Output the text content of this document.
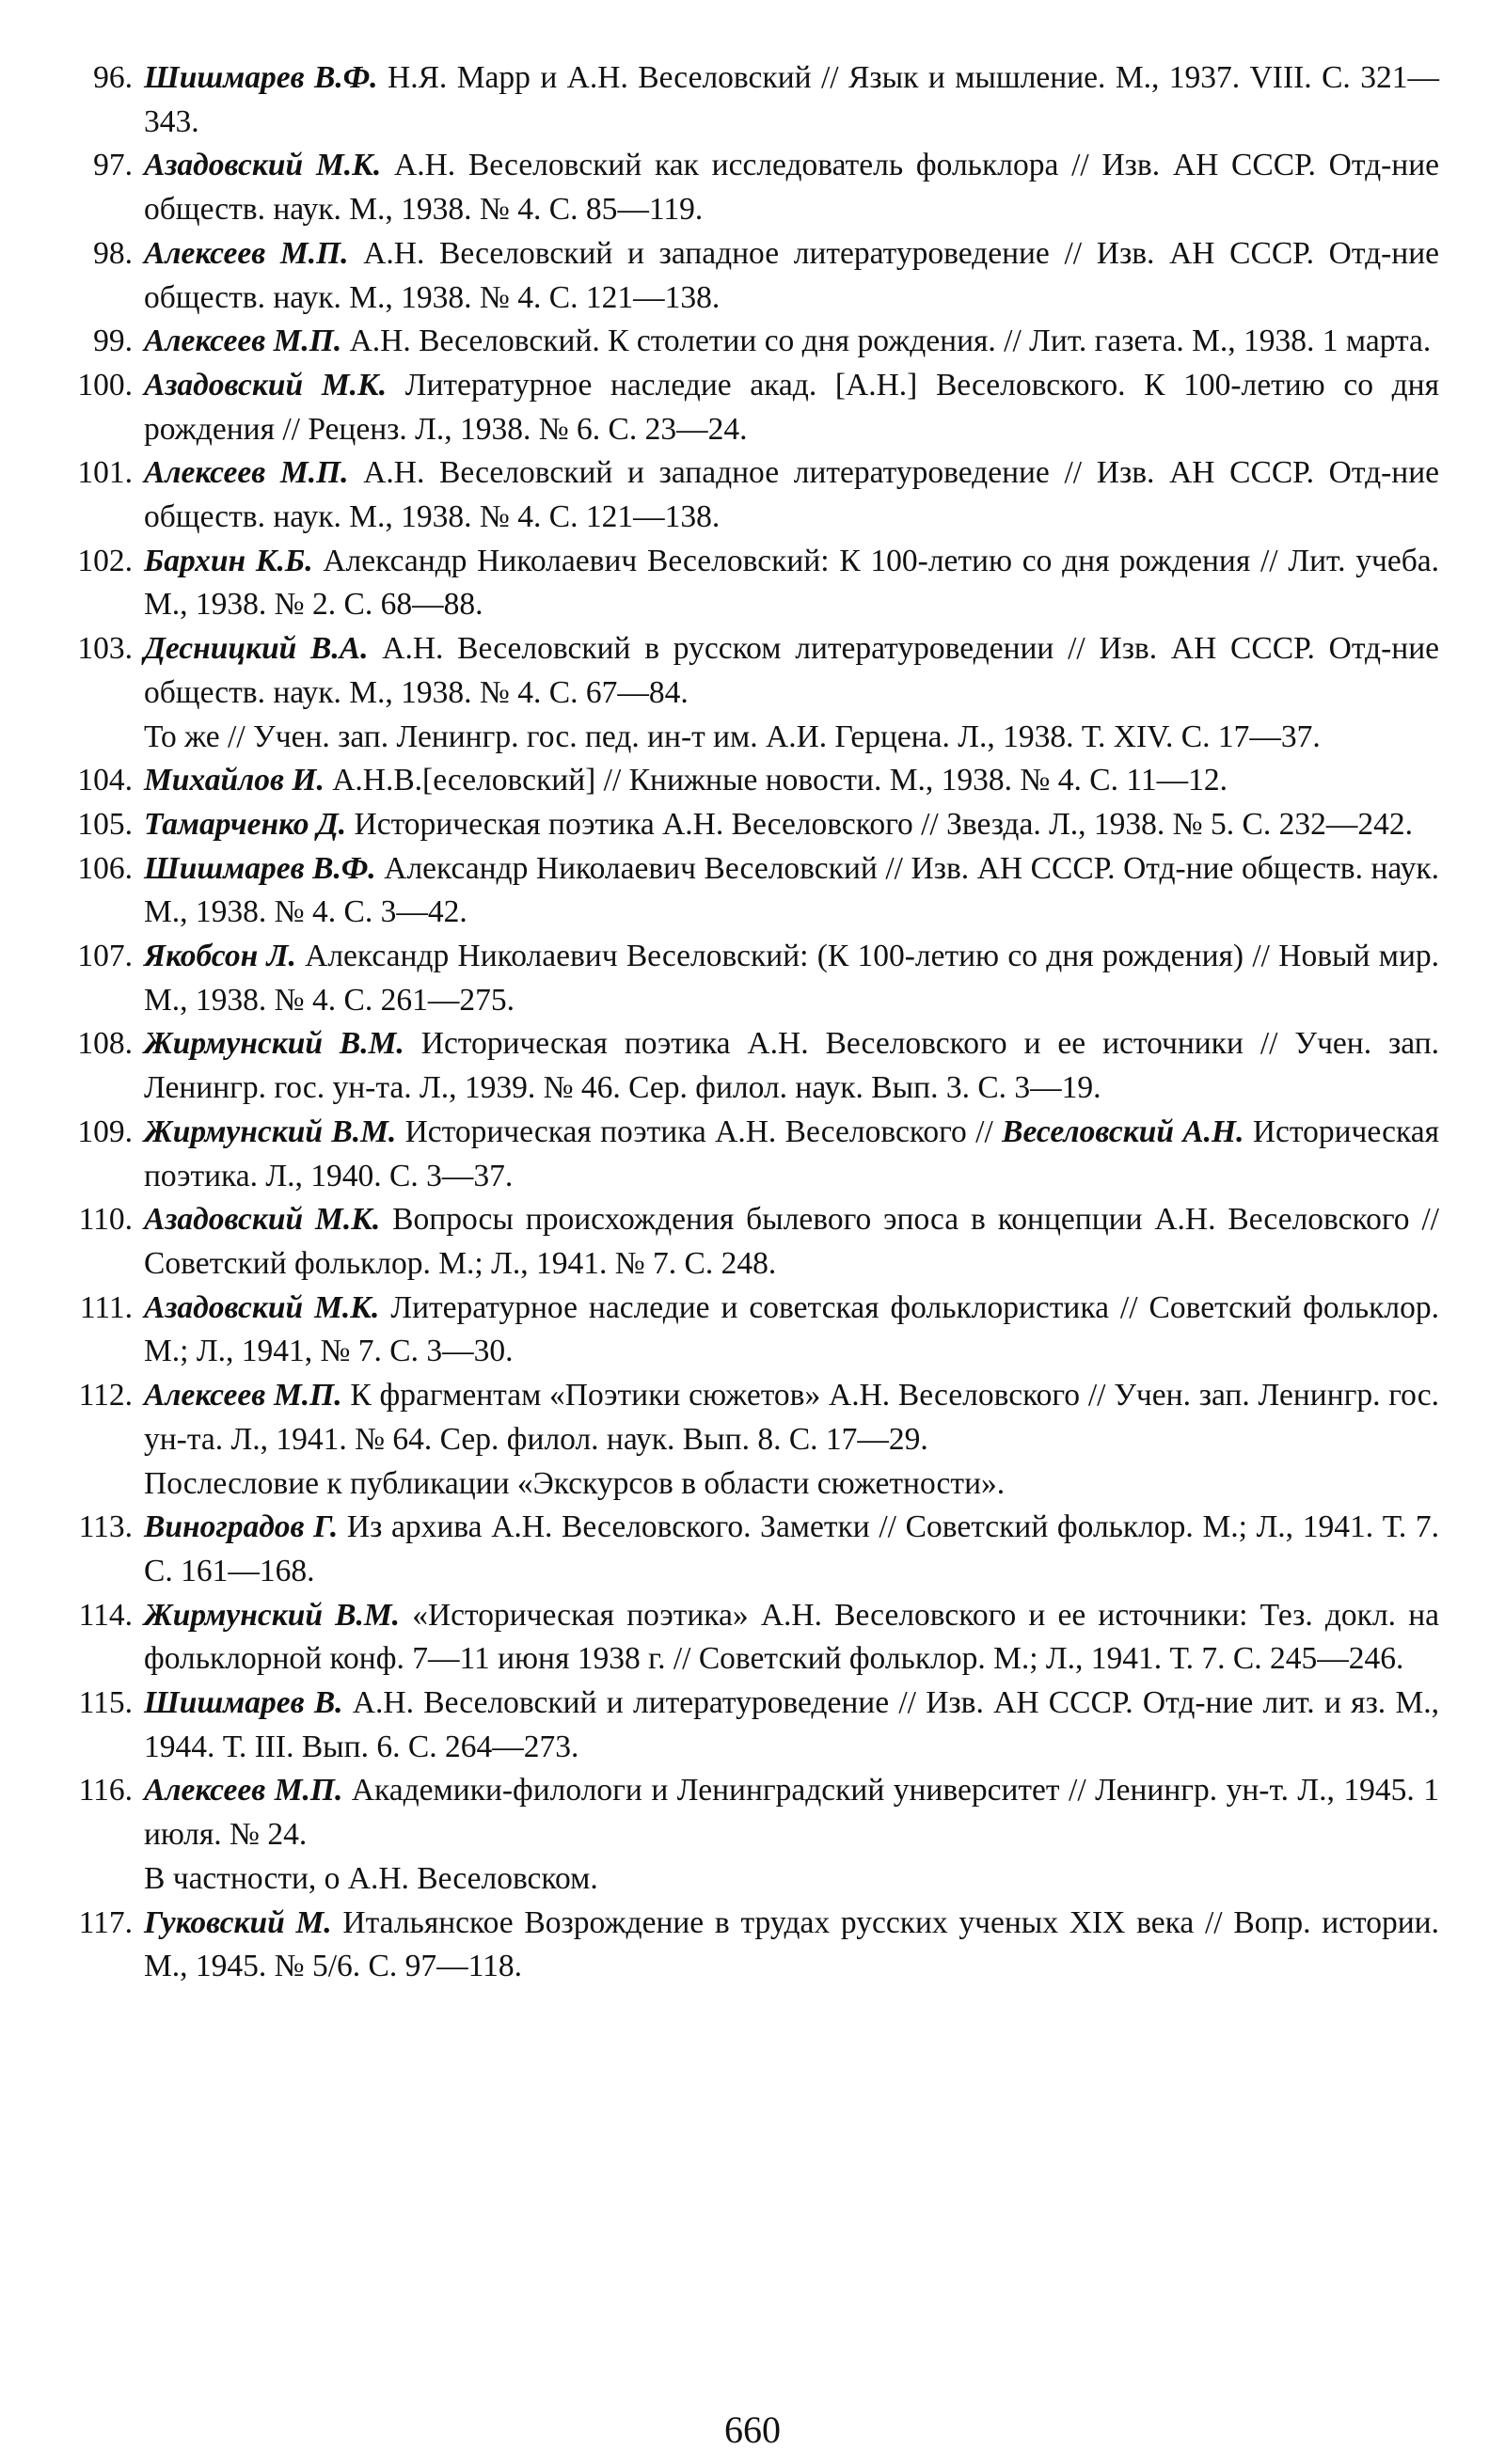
96. Шишмарев В.Ф. Н.Я. Марр и А.Н. Веселовский // Язык и мышление. М., 1937. VIII. С. 321—343.
97. Азадовский М.К. А.Н. Веселовский как исследователь фольклора // Изв. АН СССР. Отд-ние обществ. наук. М., 1938. № 4. С. 85—119.
98. Алексеев М.П. А.Н. Веселовский и западное литературоведение // Изв. АН СССР. Отд-ние обществ. наук. М., 1938. № 4. С. 121—138.
99. Алексеев М.П. А.Н. Веселовский. К столетии со дня рождения. // Лит. газета. М., 1938. 1 марта.
100. Азадовский М.К. Литературное наследие акад. [А.Н.] Веселовского. К 100-летию со дня рождения // Реценз. Л., 1938. № 6. С. 23—24.
101. Алексеев М.П. А.Н. Веселовский и западное литературоведение // Изв. АН СССР. Отд-ние обществ. наук. М., 1938. № 4. С. 121—138.
102. Бархин К.Б. Александр Николаевич Веселовский: К 100-летию со дня рождения // Лит. учеба. М., 1938. № 2. С. 68—88.
103. Десницкий В.А. А.Н. Веселовский в русском литературоведении // Изв. АН СССР. Отд-ние обществ. наук. М., 1938. № 4. С. 67—84.
То же // Учен. зап. Ленингр. гос. пед. ин-т им. А.И. Герцена. Л., 1938. Т. XIV. С. 17—37.
104. Михайлов И. А.Н.В.[еселовский] // Книжные новости. М., 1938. № 4. С. 11—12.
105. Тамарченко Д. Историческая поэтика А.Н. Веселовского // Звезда. Л., 1938. № 5. С. 232—242.
106. Шишмарев В.Ф. Александр Николаевич Веселовский // Изв. АН СССР. Отд-ние обществ. наук. М., 1938. № 4. С. 3—42.
107. Якобсон Л. Александр Николаевич Веселовский: (К 100-летию со дня рождения) // Новый мир. М., 1938. № 4. С. 261—275.
108. Жирмунский В.М. Историческая поэтика А.Н. Веселовского и ее источники // Учен. зап. Ленингр. гос. ун-та. Л., 1939. № 46. Сер. филол. наук. Вып. 3. С. 3—19.
109. Жирмунский В.М. Историческая поэтика А.Н. Веселовского // Веселовский А.Н. Историческая поэтика. Л., 1940. С. 3—37.
110. Азадовский М.К. Вопросы происхождения былевого эпоса в концепции А.Н. Веселовского // Советский фольклор. М.; Л., 1941. № 7. С. 248.
111. Азадовский М.К. Литературное наследие и советская фольклористика // Советский фольклор. М.; Л., 1941, № 7. С. 3—30.
112. Алексеев М.П. К фрагментам «Поэтики сюжетов» А.Н. Веселовского // Учен. зап. Ленингр. гос. ун-та. Л., 1941. № 64. Сер. филол. наук. Вып. 8. С. 17—29.
Послесловие к публикации «Экскурсов в области сюжетности».
113. Виноградов Г. Из архива А.Н. Веселовского. Заметки // Советский фольклор. М.; Л., 1941. Т. 7. С. 161—168.
114. Жирмунский В.М. «Историческая поэтика» А.Н. Веселовского и ее источники: Тез. докл. на фольклорной конф. 7—11 июня 1938 г. // Советский фольклор. М.; Л., 1941. Т. 7. С. 245—246.
115. Шишмарев В. А.Н. Веселовский и литературоведение // Изв. АН СССР. Отд-ние лит. и яз. М., 1944. Т. III. Вып. 6. С. 264—273.
116. Алексеев М.П. Академики-филологи и Ленинградский университет // Ленингр. ун-т. Л., 1945. 1 июля. № 24.
В частности, о А.Н. Веселовском.
117. Гуковский М. Итальянское Возрождение в трудах русских ученых XIX века // Вопр. истории. М., 1945. № 5/6. С. 97—118.
660
